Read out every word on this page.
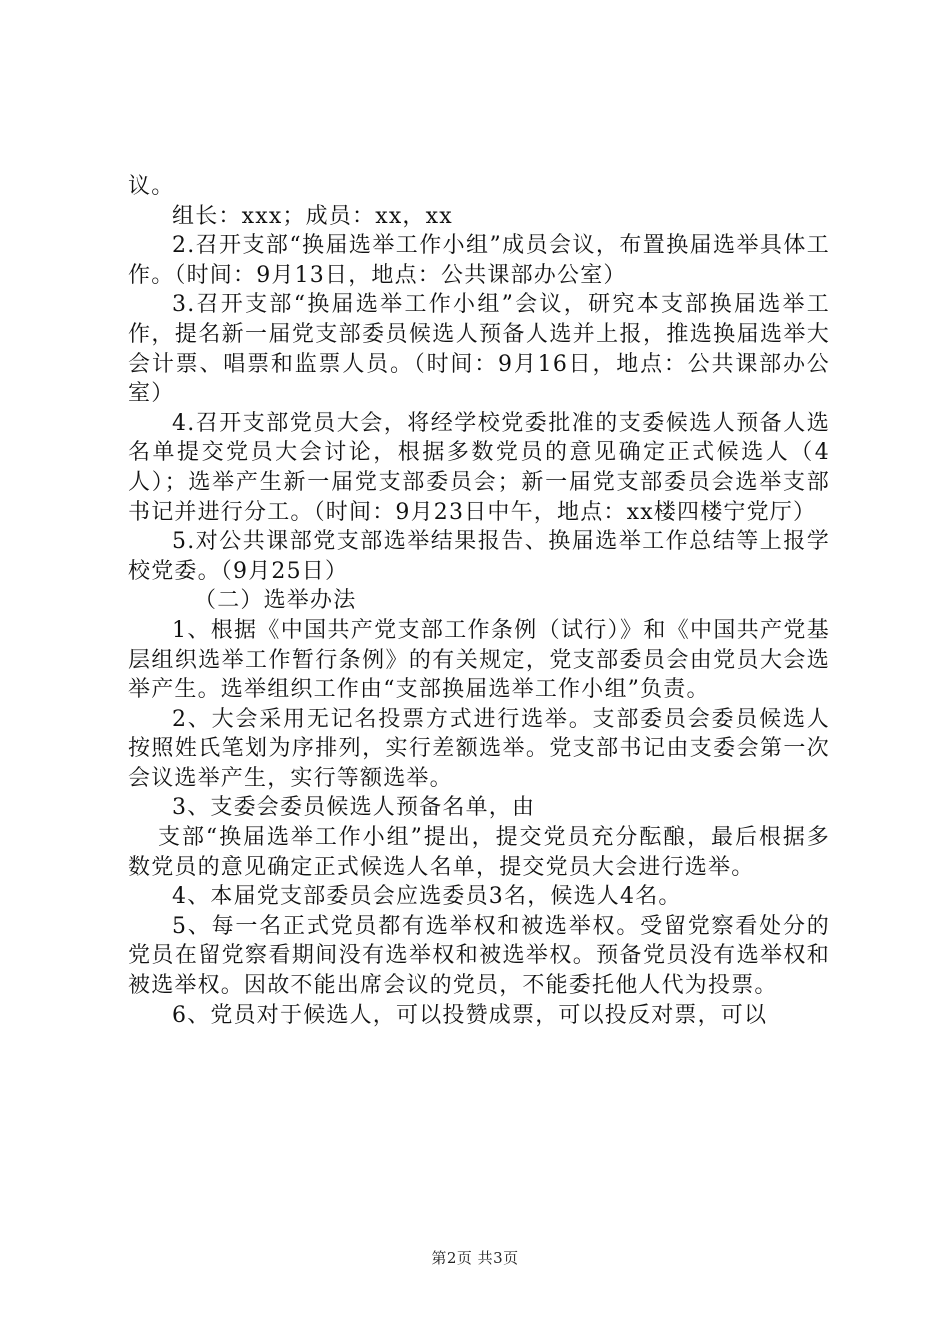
议。

组长：xxx；成员：xx，xx

2.召开支部“换届选举工作小组”成员会议，布置换届选举具体工作。（时间：9月13日，地点：公共课部办公室）

3.召开支部“换届选举工作小组”会议，研究本支部换届选举工作，提名新一届党支部委员候选人预备人选并上报，推选换届选举大会计票、唱票和监票人员。（时间：9月16日，地点：公共课部办公室）

4.召开支部党员大会，将经学校党委批准的支委候选人预备人选名单提交党员大会讨论，根据多数党员的意见确定正式候选人（4人）；选举产生新一届党支部委员会；新一届党支部委员会选举支部书记并进行分工。（时间：9月23日中午，地点：xx楼四楼宁党厅）

5.对公共课部党支部选举结果报告、换届选举工作总结等上报学校党委。（9月25日）

（二）选举办法

1、根据《中国共产党支部工作条例（试行）》和《中国共产党基层组织选举工作暂行条例》的有关规定，党支部委员会由党员大会选举产生。选举组织工作由“支部换届选举工作小组”负责。

2、大会采用无记名投票方式进行选举。支部委员会委员候选人按照姓氏笔划为序排列，实行差额选举。党支部书记由支委会第一次会议选举产生，实行等额选举。

3、支委会委员候选人预备名单，由

支部“换届选举工作小组”提出，提交党员充分酝酿，最后根据多数党员的意见确定正式候选人名单，提交党员大会进行选举。

4、本届党支部委员会应选委员3名，候选人4名。

5、每一名正式党员都有选举权和被选举权。受留党察看处分的党员在留党察看期间没有选举权和被选举权。预备党员没有选举权和被选举权。因故不能出席会议的党员，不能委托他人代为投票。

6、党员对于候选人，可以投赞成票，可以投反对票，可以

第2页 共3页
